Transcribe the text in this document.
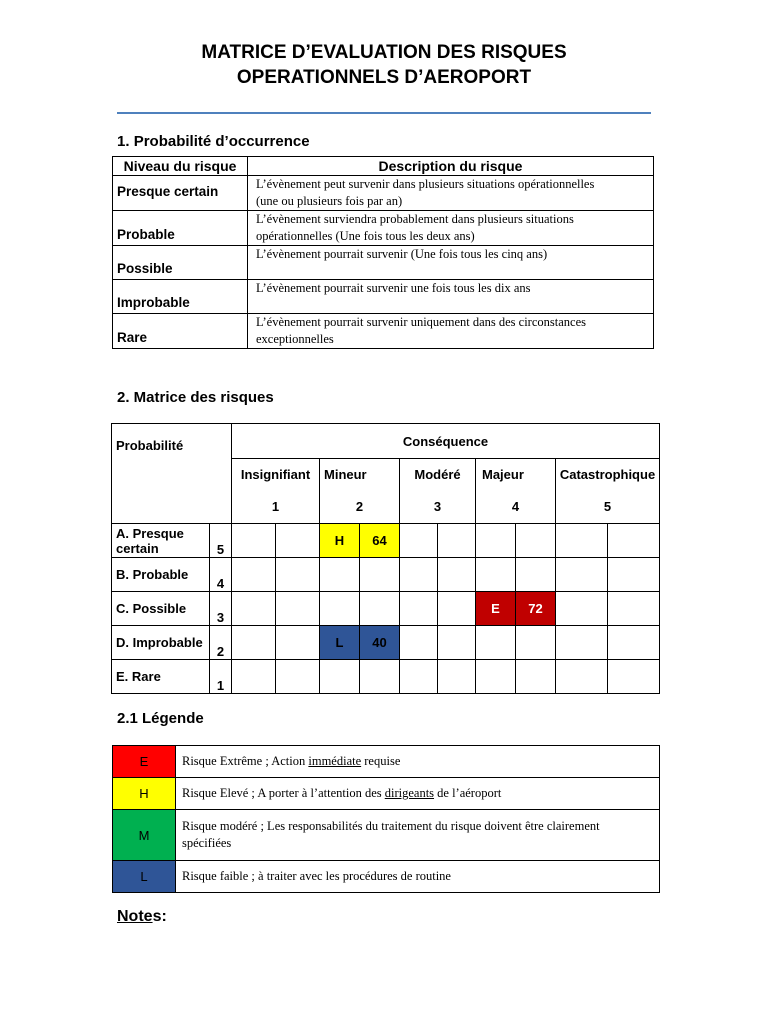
MATRICE D’EVALUATION DES RISQUES
OPERATIONNELS D’AEROPORT
1. Probabilité d’occurrence
Niveau du risque	Description du risque
Presque certain	L’évènement peut survenir dans plusieurs situations opérationnelles
(une ou plusieurs fois par an)

Probable	L’évènement surviendra probablement dans plusieurs situations
opérationnelles (Une fois tous les deux ans)

Possible	L’évènement pourrait survenir (Une fois tous les cinq ans)

Improbable	L’évènement pourrait survenir une fois tous les dix ans

Rare	L’évènement pourrait survenir uniquement dans des circonstances
exceptionnelles
2. Matrice des risques
Probabilité		Conséquence									
		Insignifiant		Mineur		Modéré		Majeur		Catastrophique	
		1		2		3		4		5	
A. Presque certain	5			H	64						
B. Probable	4										
C. Possible	3							E	72		
D. Improbable	2			L	40						
E. Rare	1										
2.1 Légende
E	Risque Extrême ; Action immédiate requise
H	Risque Elevé ; A porter à l’attention des dirigeants de l’aéroport
M	Risque modéré ; Les responsabilités du traitement du risque doivent être clairement
spécifiées

L	Risque faible ; à traiter avec les procédures de routine
Notes:
